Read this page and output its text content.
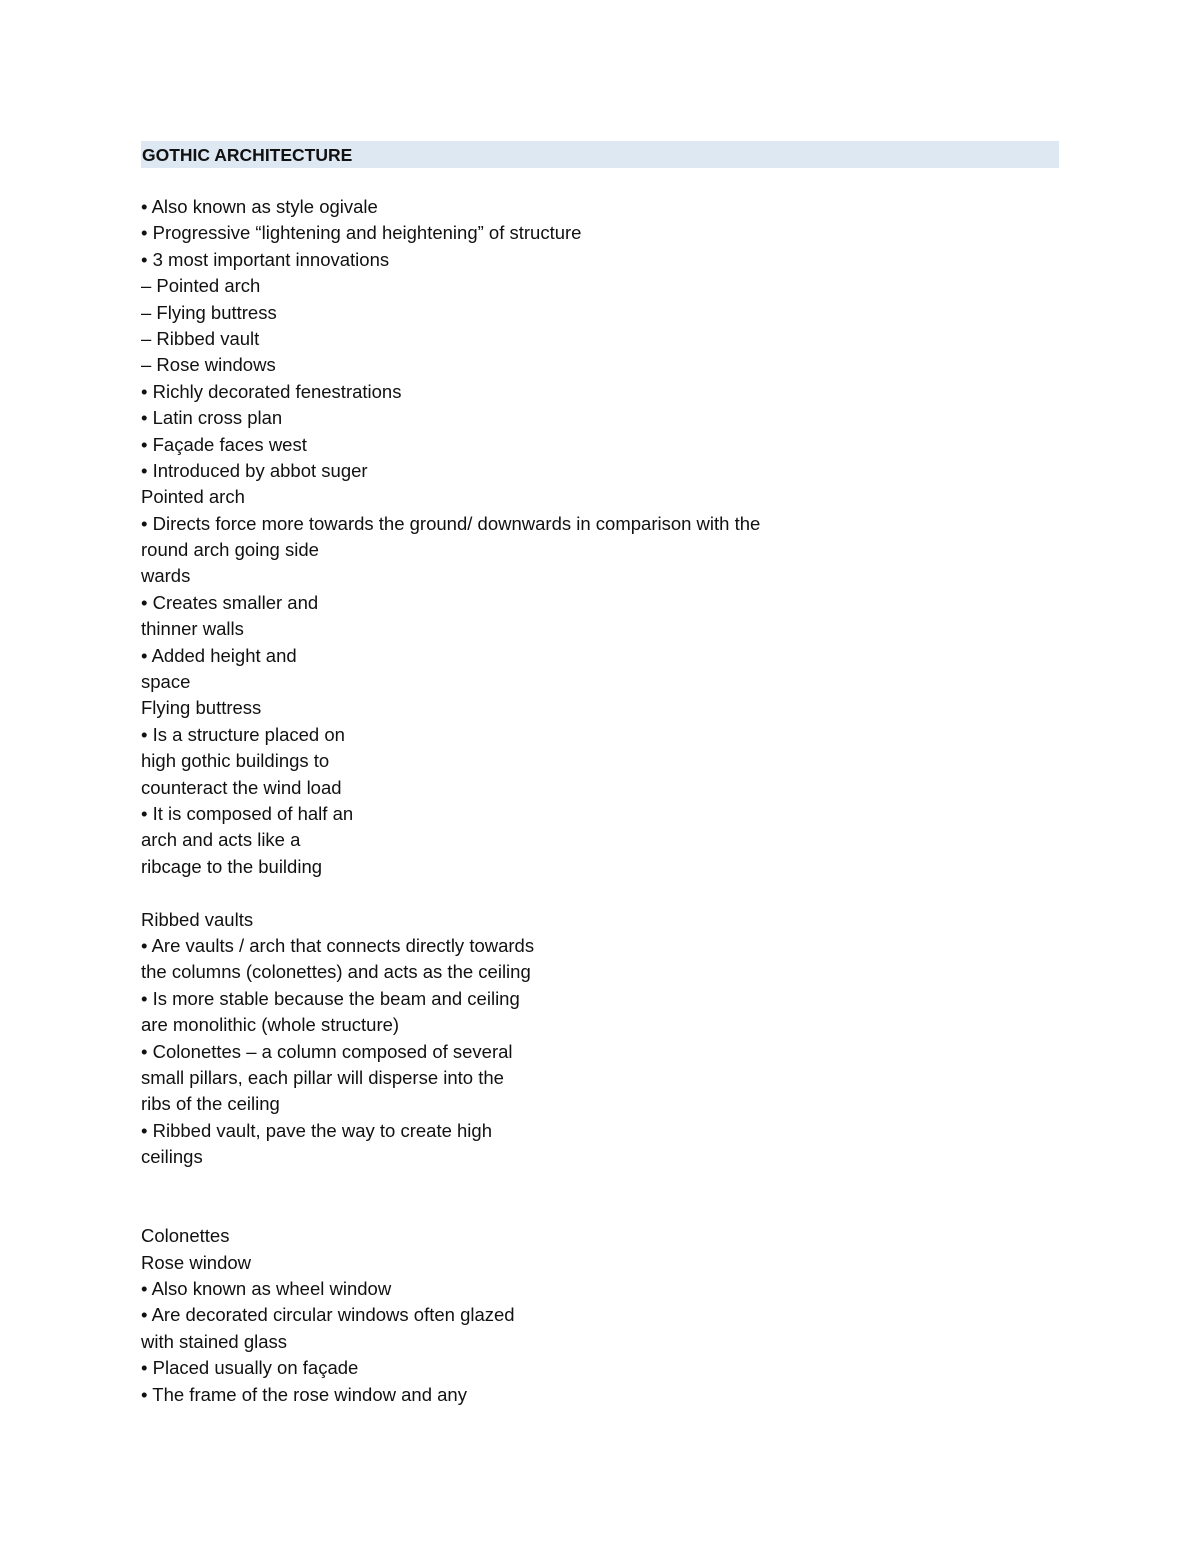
GOTHIC ARCHITECTURE
• Also known as style ogivale
• Progressive “lightening and heightening” of structure
• 3 most important innovations
– Pointed arch
– Flying buttress
– Ribbed vault
– Rose windows
• Richly decorated fenestrations
• Latin cross plan
• Façade faces west
• Introduced by abbot suger
Pointed arch
• Directs force more towards the ground/ downwards in comparison with the
round arch going side
wards
• Creates smaller and
thinner walls
• Added height and
space
Flying buttress
• Is a structure placed on
high gothic buildings to
counteract the wind load
• It is composed of half an
arch and acts like a
ribcage to the building

Ribbed vaults
• Are vaults / arch that connects directly towards
the columns (colonettes) and acts as the ceiling
• Is more stable because the beam and ceiling
are monolithic (whole structure)
• Colonettes – a column composed of several
small pillars, each pillar will disperse into the
ribs of the ceiling
• Ribbed vault, pave the way to create high
ceilings

Colonettes
Rose window
• Also known as wheel window
• Are decorated circular windows often glazed
with stained glass
• Placed usually on façade
• The frame of the rose window and any
